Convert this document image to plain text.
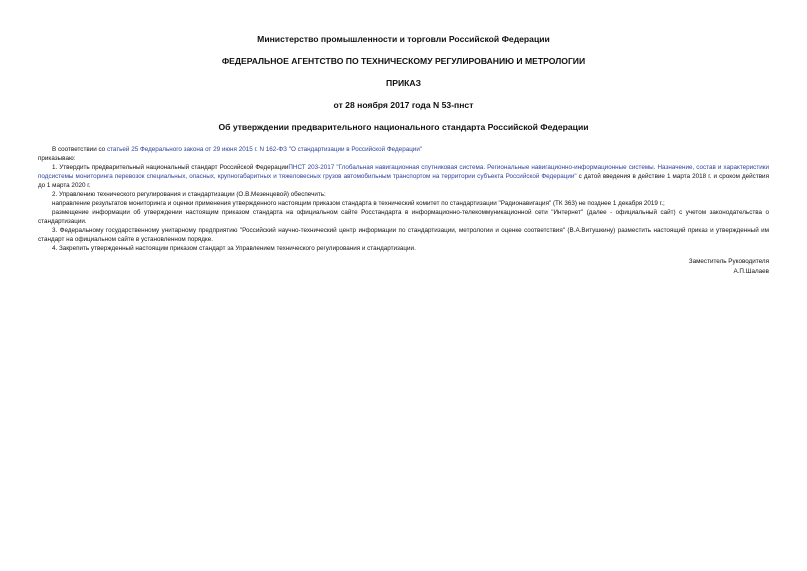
Министерство промышленности и торговли Российской Федерации

ФЕДЕРАЛЬНОЕ АГЕНТСТВО ПО ТЕХНИЧЕСКОМУ РЕГУЛИРОВАНИЮ И МЕТРОЛОГИИ

ПРИКАЗ

от 28 ноября 2017 года N 53-пнст

Об утверждении предварительного национального стандарта Российской Федерации

В соответствии со статьей 25 Федерального закона от 29 июня 2015 г. N 162-ФЗ "О стандартизации в Российской Федерации"

приказываю:

1. Утвердить предварительный национальный стандарт Российской ФедерацииПНСТ 203-2017 "Глобальная навигационная спутниковая система. Региональные навигационно-информационные системы. Назначение, состав и характеристики подсистемы мониторинга перевозок специальных, опасных, крупногабаритных и тяжеловесных грузов автомобильным транспортом на территории субъекта Российской Федерации" с датой введения в действие 1 марта 2018 г. и сроком действия до 1 марта 2020 г.

2. Управлению технического регулирования и стандартизации (О.В.Мезенцевой) обеспечить:

направление результатов мониторинга и оценки применения утвержденного настоящим приказом стандарта в технический комитет по стандартизации "Радионавигация" (ТК 363) не позднее 1 декабря 2019 г.;

размещение информации об утверждении настоящим приказом стандарта на официальном сайте Росстандарта в информационно-телекоммуникационной сети "Интернет" (далее - официальный сайт) с учетом законодательства о стандартизации.

3. Федеральному государственному унитарному предприятию "Российский научно-технический центр информации по стандартизации, метрологии и оценке соответствия" (В.А.Витушкину) разместить настоящий приказ и утвержденный им стандарт на официальном сайте в установленном порядке.

4. Закрепить утвержденный настоящим приказом стандарт за Управлением технического регулирования и стандартизации.

Заместитель Руководителя
А.П.Шалаев
